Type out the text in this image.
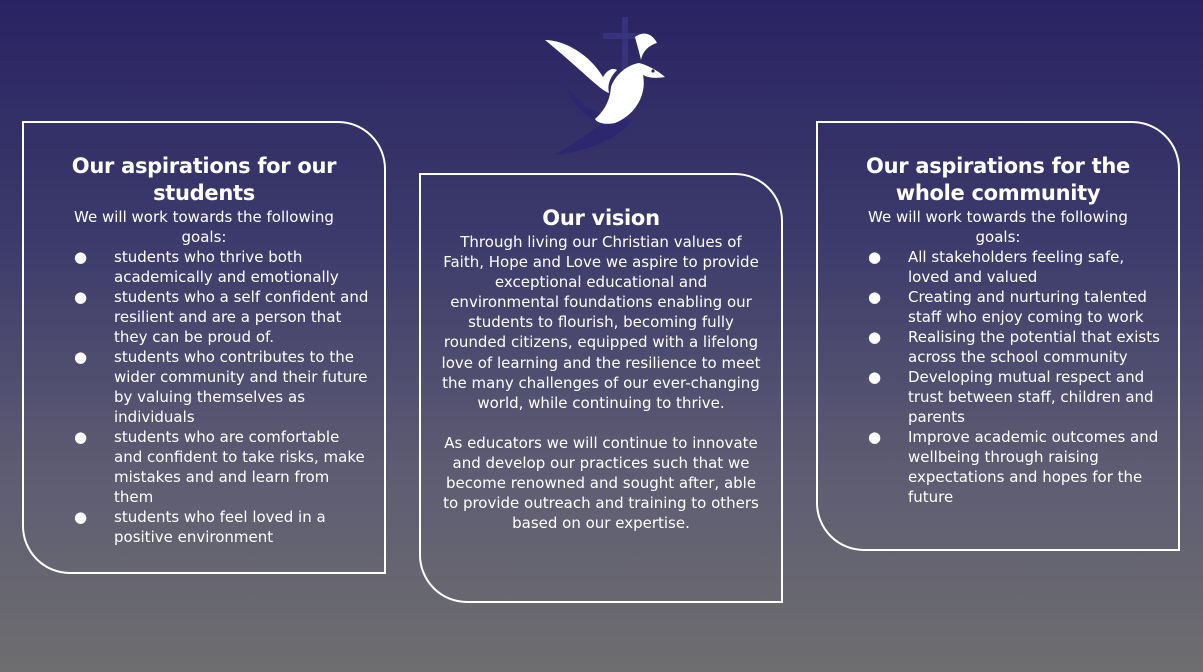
Our aspirations for our students
We will work towards the following goals:
● students who thrive both academically and emotionally
● students who a self confident and resilient and are a person that they can be proud of.
● students who contributes to the wider community and their future by valuing themselves as individuals
● students who are comfortable and confident to take risks, make mistakes and and learn from them
● students who feel loved in a positive environment
Our vision

Through living our Christian values of Faith, Hope and Love we aspire to provide exceptional educational and environmental foundations enabling our students to flourish, becoming fully rounded citizens, equipped with a lifelong love of learning and the resilience to meet the many challenges of our ever-changing world, while continuing to thrive.

As educators we will continue to innovate and develop our practices such that we become renowned and sought after, able to provide outreach and training to others based on our expertise.

Our aspirations for the whole community
We will work towards the following goals:
● All stakeholders feeling safe, loved and valued
● Creating and nurturing talented staff who enjoy coming to work
● Realising the potential that exists across the school community
● Developing mutual respect and trust between staff, children and parents
● Improve academic outcomes and wellbeing through raising expectations and hopes for the future
